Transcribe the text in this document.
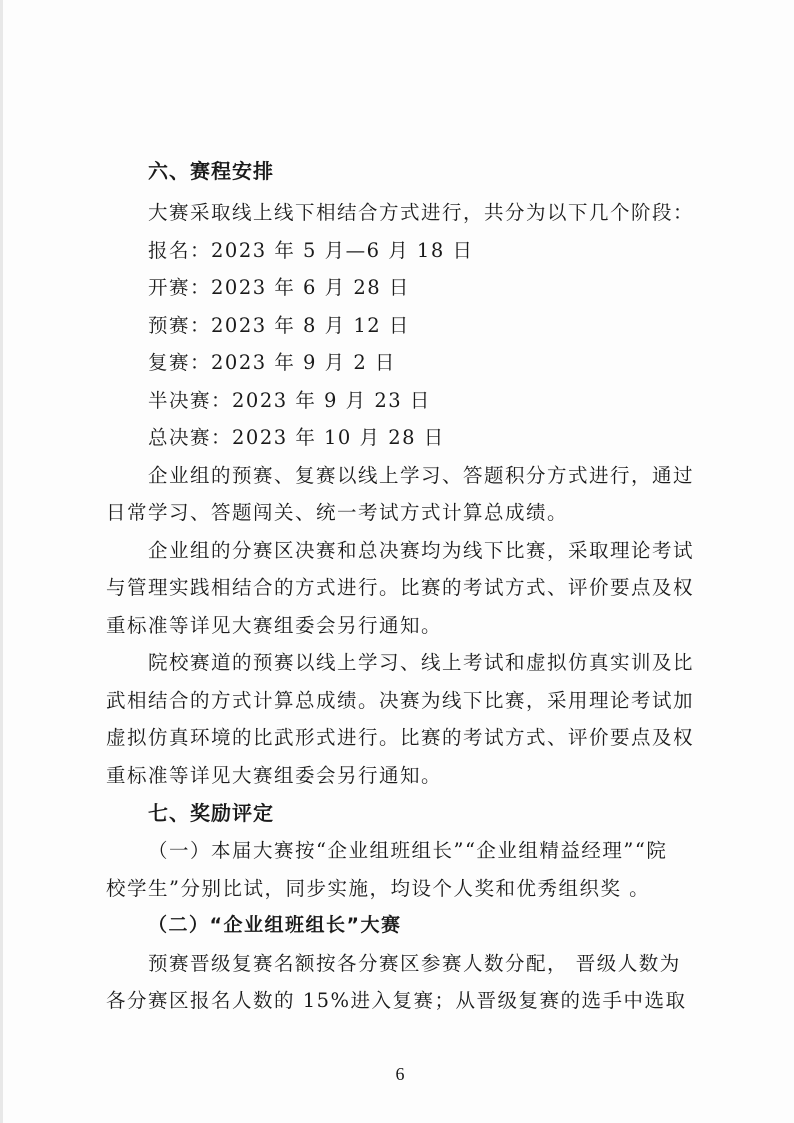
六、赛程安排

大赛采取线上线下相结合方式进行，共分为以下几个阶段：

报名：2023 年 5 月—6 月 18 日

开赛：2023 年 6 月 28 日

预赛：2023 年 8 月 12 日

复赛：2023 年 9 月 2 日

半决赛：2023 年 9 月 23 日

总决赛：2023 年 10 月 28 日

企业组的预赛、复赛以线上学习、答题积分方式进行，通过

日常学习、答题闯关、统一考试方式计算总成绩。

企业组的分赛区决赛和总决赛均为线下比赛，采取理论考试

与管理实践相结合的方式进行。比赛的考试方式、评价要点及权

重标准等详见大赛组委会另行通知。

院校赛道的预赛以线上学习、线上考试和虚拟仿真实训及比

武相结合的方式计算总成绩。决赛为线下比赛，采用理论考试加

虚拟仿真环境的比武形式进行。比赛的考试方式、评价要点及权

重标准等详见大赛组委会另行通知。

七、奖励评定

（一）本届大赛按“企业组班组长”“企业组精益经理”“院

校学生”分别比试，同步实施，均设个人奖和优秀组织奖 。

（二）“企业组班组长”大赛

预赛晋级复赛名额按各分赛区参赛人数分配， 晋级人数为

各分赛区报名人数的 15%进入复赛；从晋级复赛的选手中选取

6
